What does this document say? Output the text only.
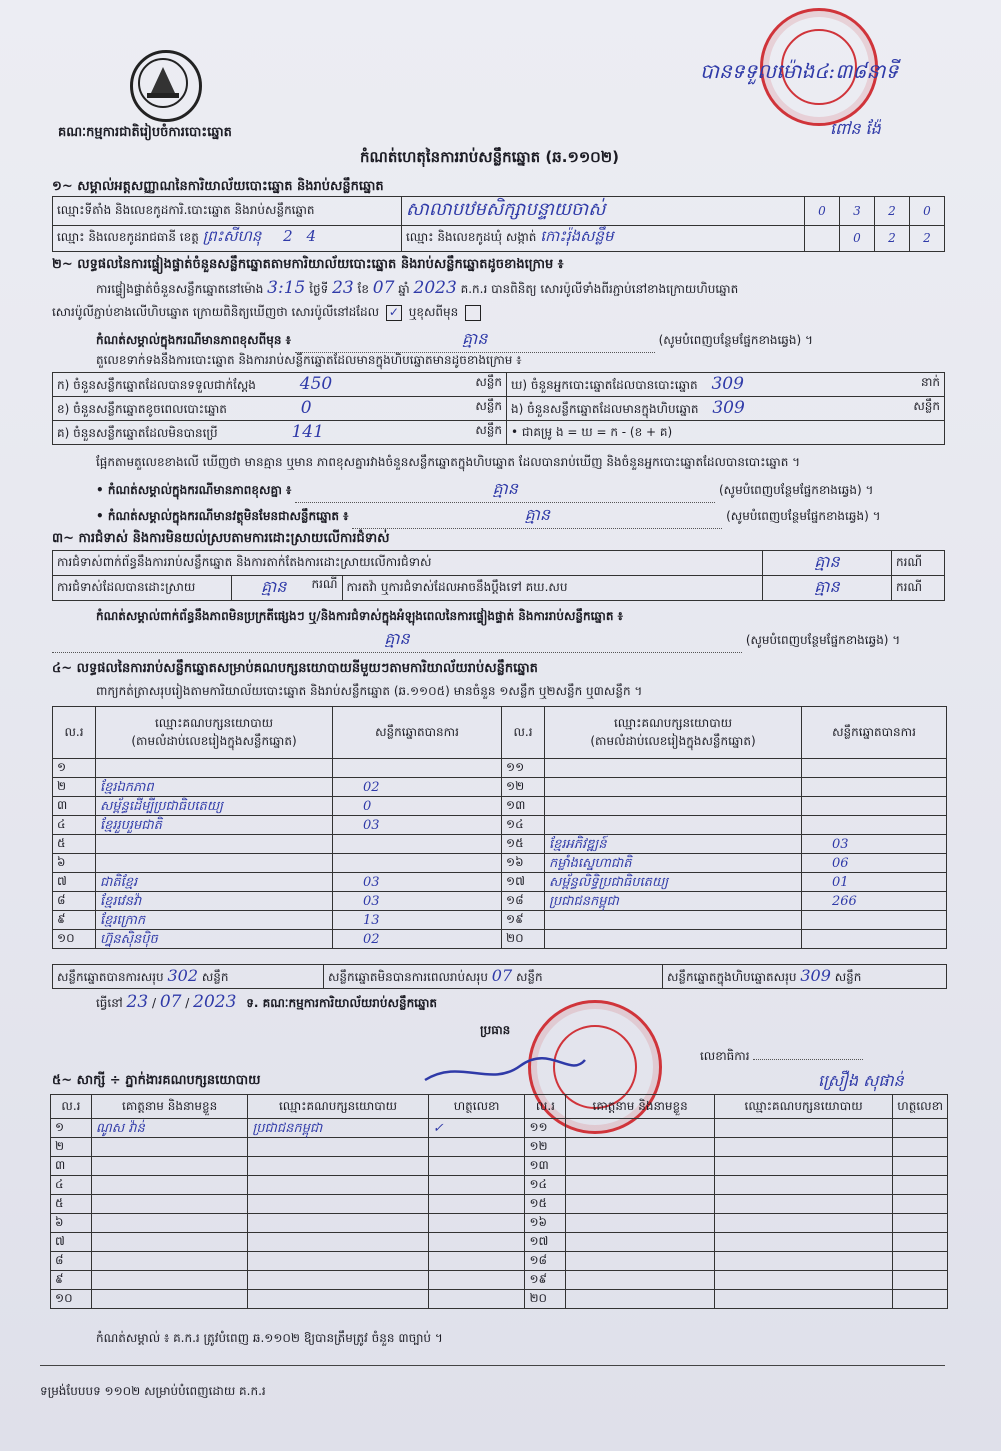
គណៈកម្មការជាតិរៀបចំការបោះឆ្នោត
បានទទួលម៉ោង៤:៣៨នាទី
ពៅន ង៉ែ
កំណត់ហេតុនៃការរាប់សន្លឹកឆ្នោត (ឆ.១១០២)
១~ សម្គាល់អត្តសញ្ញាណនៃការិយាល័យបោះឆ្នោត និងរាប់សន្លឹកឆ្នោត
ឈ្មោះទីតាំង និងលេខកូដការិ.បោះឆ្នោត និងរាប់សន្លឹកឆ្នោត	សាលាបឋមសិក្សាបន្ទាយចាស់	0	3	2	0
ឈ្មោះ និងលេខកូដរាជធានី ខេត្ត ព្រះសីហនុ 2 4	ឈ្មោះ និងលេខកូដឃុំ សង្កាត់ កោះរ៉ុងសន្លឹម		0	2	2
២~ លទ្ធផលនៃការផ្ទៀងផ្ទាត់ចំនួនសន្លឹកឆ្នោតតាមការិយាល័យបោះឆ្នោត និងរាប់សន្លឹកឆ្នោតដូចខាងក្រោម ៖
ការផ្ទៀងផ្ទាត់ចំនួនសន្លឹកឆ្នោតនៅម៉ោង 3:15 ថ្ងៃទី 23 ខែ 07 ឆ្នាំ 2023 គ.ក.រ បានពិនិត្យ សោរប៉ូលីទាំងពីរភ្ជាប់នៅខាងក្រោយហិបឆ្នោត
សោរប៉ូលីភ្ជាប់ខាងលើហិបឆ្នោត ក្រោយពិនិត្យឃើញថា សោរប៉ូលីនៅដដែល ✓ ឬខុសពីមុន
កំណត់សម្គាល់ក្នុងករណីមានភាពខុសពីមុន ៖	គ្មាន	(សូមបំពេញបន្ថែមផ្នែកខាងឆ្វេង) ។
តួលេខទាក់ទងនឹងការបោះឆ្នោត និងការរាប់សន្លឹកឆ្នោតដែលមានក្នុងហិបឆ្នោតមានដូចខាងក្រោម ៖
ក) ចំនួនសន្លឹកឆ្នោតដែលបានទទួលជាក់ស្តែង 450 សន្លឹក	ឃ) ចំនួនអ្នកបោះឆ្នោតដែលបានបោះឆ្នោត 309 នាក់

ខ) ចំនួនសន្លឹកឆ្នោតខូចពេលបោះឆ្នោត 0 សន្លឹក	ង) ចំនួនសន្លឹកឆ្នោតដែលមានក្នុងហិបឆ្នោត 309 សន្លឹក

គ) ចំនួនសន្លឹកឆ្នោតដែលមិនបានប្រើ 141 សន្លឹក	• ជាគម្រូ ង = ឃ = ក - (ខ + គ)
ផ្អែកតាមតួលេខខាងលើ ឃើញថា មានគ្មាន ឬមាន ភាពខុសគ្នារវាងចំនួនសន្លឹកឆ្នោតក្នុងហិបឆ្នោត ដែលបានរាប់ឃើញ និងចំនួនអ្នកបោះឆ្នោតដែលបានបោះឆ្នោត ។
• កំណត់សម្គាល់ក្នុងករណីមានភាពខុសគ្នា ៖	គ្មាន	(សូមបំពេញបន្ថែមផ្នែកខាងឆ្វេង) ។
• កំណត់សម្គាល់ក្នុងករណីមានវត្ថុមិនមែនជាសន្លឹកឆ្នោត ៖	គ្មាន	(សូមបំពេញបន្ថែមផ្នែកខាងឆ្វេង) ។
៣~ ការជំទាស់ និងការមិនយល់ស្របតាមការដោះស្រាយលើការជំទាស់
ការជំទាស់ពាក់ព័ន្ធនឹងការរាប់សន្លឹកឆ្នោត និងការតាក់តែងការដោះស្រាយលើការជំទាស់			គ្មាន	ករណី
ការជំទាស់ដែលបានដោះស្រាយ	គ្មាន ករណី	ការតវ៉ា ឬការជំទាស់ដែលអាចនឹងប្តឹងទៅ គឃ.សប	គ្មាន	ករណី
កំណត់សម្គាល់ពាក់ព័ន្ធនឹងភាពមិនប្រក្រតីផ្សេងៗ ឬ/និងការជំទាស់ក្នុងអំឡុងពេលនៃការផ្ទៀងផ្ទាត់ និងការរាប់សន្លឹកឆ្នោត ៖
គ្មាន	(សូមបំពេញបន្ថែមផ្នែកខាងឆ្វេង) ។
៤~ លទ្ធផលនៃការរាប់សន្លឹកឆ្នោតសម្រាប់គណបក្សនយោបាយនីមួយៗតាមការិយាល័យរាប់សន្លឹកឆ្នោត
ពាក្យកត់ត្រាសរុបរៀងតាមការិយាល័យបោះឆ្នោត និងរាប់សន្លឹកឆ្នោត (ឆ.១១០៥) មានចំនួន ១សន្លឹក ឬ២សន្លឹក ឬ៣សន្លឹក ។
ល.រ	ឈ្មោះគណបក្សនយោបាយ
(តាមលំដាប់លេខរៀងក្នុងសន្លឹកឆ្នោត)	សន្លឹកឆ្នោតបានការ	ល.រ	ឈ្មោះគណបក្សនយោបាយ
(តាមលំដាប់លេខរៀងក្នុងសន្លឹកឆ្នោត)	សន្លឹកឆ្នោតបានការ
១			១១		
២	ខ្មែរឯកភាព	02	១២		
៣	សម្ព័ន្ធដើម្បីប្រជាធិបតេយ្យ	0	១៣		
៤	ខ្មែររួបរួមជាតិ	03	១៤		
៥			១៥	ខ្មែរអភិវឌ្ឍន៍	03
៦			១៦	កម្លាំងស្នេហាជាតិ	06
៧	ជាតិខ្មែរ	03	១៧	សម្ព័ន្ធលិទ្ធិប្រជាធិបតេយ្យ	01
៨	ខ្មែរវេនវ៉ា	03	១៨	ប្រជាជនកម្ពុជា	266
៩	ខ្មែរក្រោក	13	១៩		
១០	ហ្វ៊ុនស៊ិនប៉ិច	02	២០		
សន្លឹកឆ្នោតបានការសរុប 302 សន្លឹក	សន្លឹកឆ្នោតមិនបានការពេលរាប់សរុប 07 សន្លឹក	សន្លឹកឆ្នោតក្នុងហិបឆ្នោតសរុប 309 សន្លឹក
ធ្វើនៅ 23 / 07 / 2023 ទ. គណៈកម្មការការិយាល័យរាប់សន្លឹកឆ្នោត
ប្រធាន
លេខាធិការ
ស្រឿង សុផាន់
៥~ សាក្សី ÷ ភ្នាក់ងារគណបក្សនយោបាយ
ល.រ	គោត្តនាម និងនាមខ្លួន	ឈ្មោះគណបក្សនយោបាយ	ហត្ថលេខា	ល.រ	គោត្តនាម និងនាមខ្លួន	ឈ្មោះគណបក្សនយោបាយ	ហត្ថលេខា
១	ណូស វ៉ាន់	ប្រជាជនកម្ពុជា	✓	១១			
២				១២			
៣				១៣			
៤				១៤			
៥				១៥			
៦				១៦			
៧				១៧			
៨				១៨			
៩				១៩			
១០				២០			
កំណត់សម្គាល់ ៖ គ.ក.រ ត្រូវបំពេញ ឆ.១១០២ ឱ្យបានត្រឹមត្រូវ ចំនួន ៣ច្បាប់ ។
ទម្រង់បែបបទ ១១០២ សម្រាប់បំពេញដោយ គ.ក.រ
